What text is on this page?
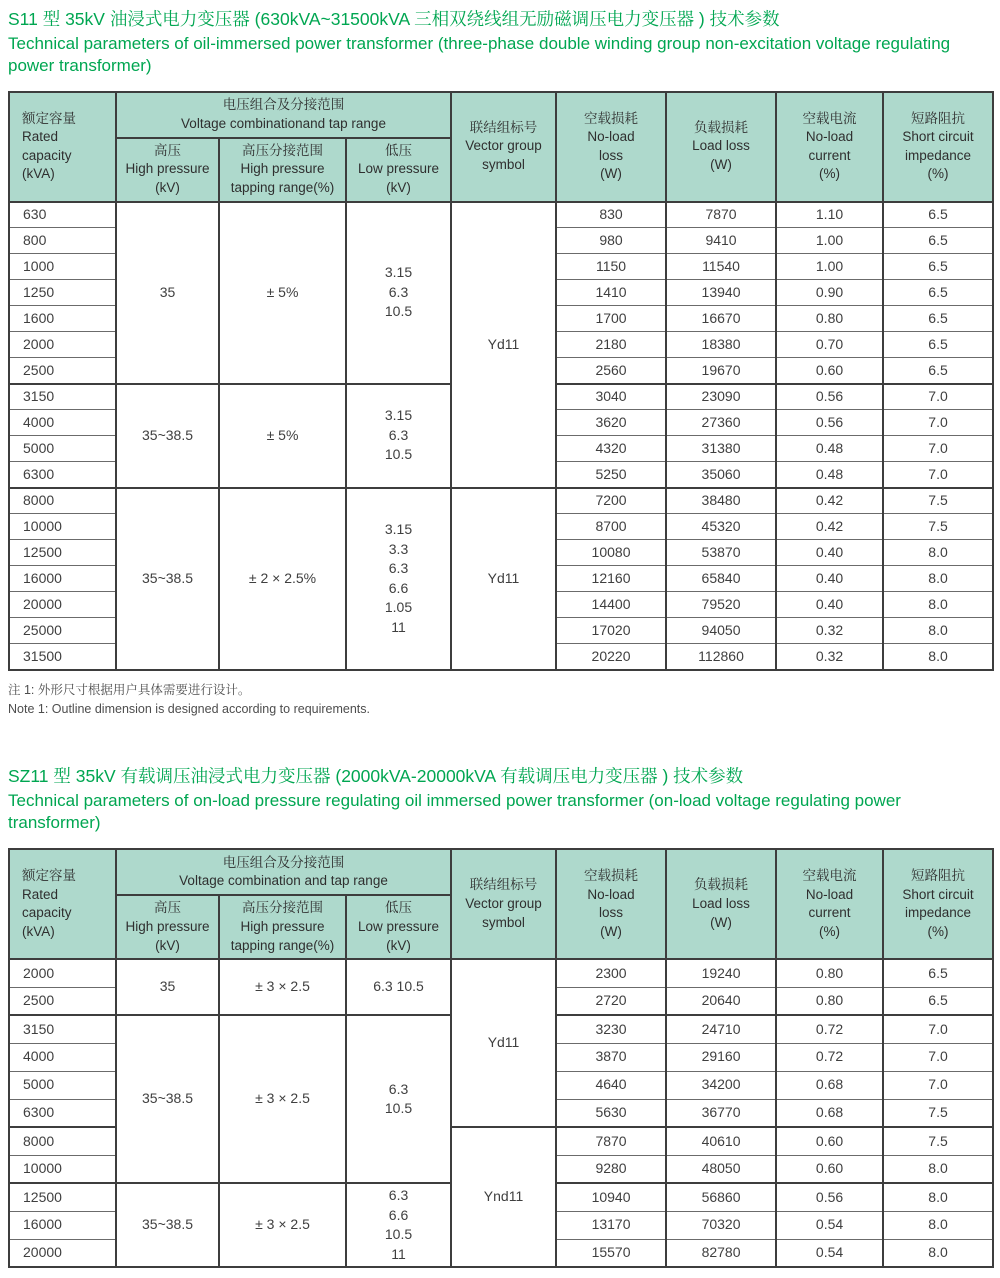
S11 型 35kV 油浸式电力变压器 (630kVA~31500kVA 三相双绕线组无励磁调压电力变压器 ) 技术参数
Technical parameters of oil-immersed power transformer (three-phase double winding group non-excitation voltage regulating power transformer)
额定容量
Rated
capacity
(kVA)	电压组合及分接范围
Voltage combinationand tap range			联结组标号
Vector group
symbol	空载损耗
No-load
loss
(W)	负载损耗
Load loss
(W)	空载电流
No-load
current
(%)	短路阻抗
Short circuit
impedance
(%)
	高压
High pressure
(kV)	高压分接范围
High pressure
tapping range(%)	低压
Low pressure
(kV)					
630	35	± 5%	3.15
6.3
10.5	Yd11	830	7870	1.10	6.5
800					980	9410	1.00	6.5
1000					1150	11540	1.00	6.5
1250					1410	13940	0.90	6.5
1600					1700	16670	0.80	6.5
2000					2180	18380	0.70	6.5
2500					2560	19670	0.60	6.5
3150	35~38.5	± 5%	3.15
6.3
10.5		3040	23090	0.56	7.0
4000					3620	27360	0.56	7.0
5000					4320	31380	0.48	7.0
6300					5250	35060	0.48	7.0
8000	35~38.5	± 2 × 2.5%	3.15
3.3
6.3
6.6
1.05
11	Yd11	7200	38480	0.42	7.5
10000					8700	45320	0.42	7.5
12500					10080	53870	0.40	8.0
16000					12160	65840	0.40	8.0
20000					14400	79520	0.40	8.0
25000					17020	94050	0.32	8.0
31500					20220	112860	0.32	8.0

注 1: 外形尺寸根据用户具体需要进行设计。

Note 1: Outline dimension is designed according to requirements.

SZ11 型 35kV 有载调压油浸式电力变压器 (2000kVA-20000kVA 有载调压电力变压器 ) 技术参数
Technical parameters of on-load pressure regulating oil immersed power transformer (on-load voltage regulating power transformer)
额定容量
Rated
capacity
(kVA)	电压组合及分接范围
Voltage combination and tap range			联结组标号
Vector group
symbol	空载损耗
No-load
loss
(W)	负载损耗
Load loss
(W)	空载电流
No-load
current
(%)	短路阻抗
Short circuit
impedance
(%)
	高压
High pressure
(kV)	高压分接范围
High pressure
tapping range(%)	低压
Low pressure
(kV)					
2000	35	± 3 × 2.5	6.3 10.5	Yd11	2300	19240	0.80	6.5
2500					2720	20640	0.80	6.5
3150	35~38.5	± 3 × 2.5	6.3
10.5		3230	24710	0.72	7.0
4000					3870	29160	0.72	7.0
5000					4640	34200	0.68	7.0
6300					5630	36770	0.68	7.5
8000				Ynd11	7870	40610	0.60	7.5
10000					9280	48050	0.60	8.0
12500	35~38.5	± 3 × 2.5	6.3
6.6
10.5
11		10940	56860	0.56	8.0
16000					13170	70320	0.54	8.0
20000					15570	82780	0.54	8.0
